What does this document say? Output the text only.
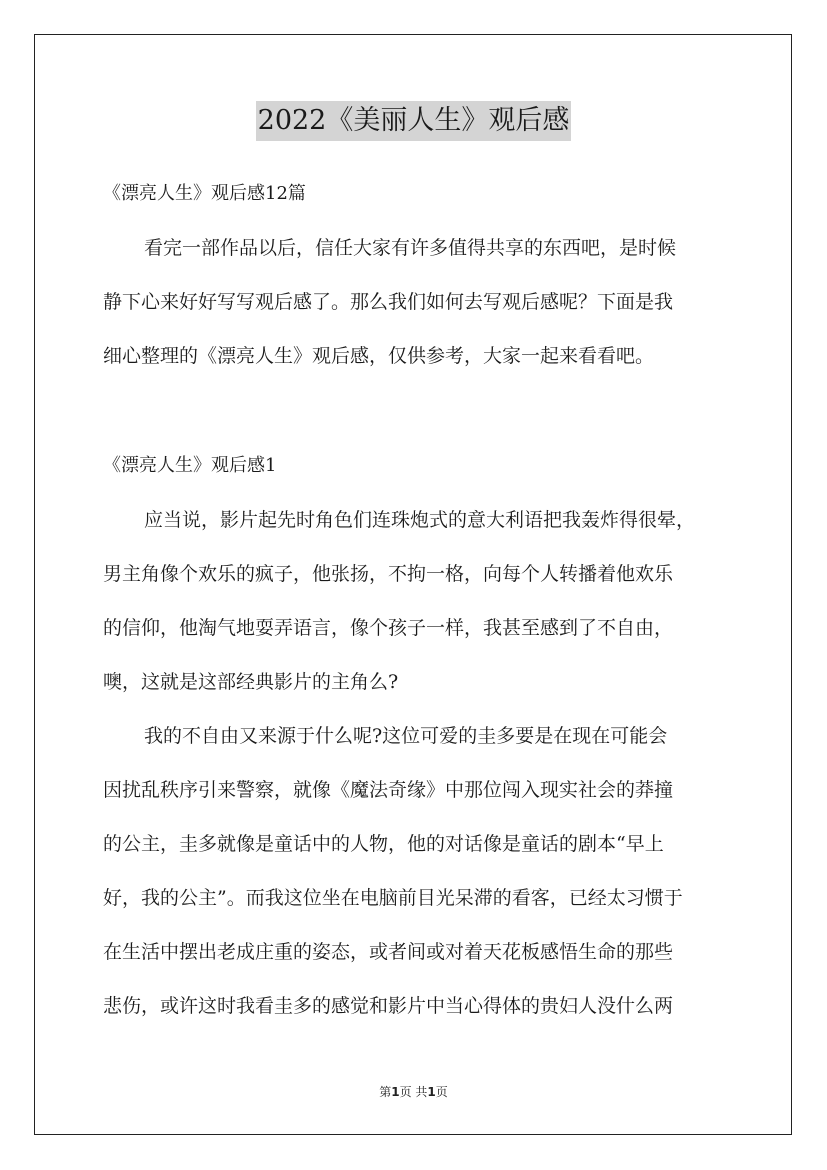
2022《美丽人生》观后感
《漂亮人生》观后感12篇
看完一部作品以后，信任大家有许多值得共享的东西吧，是时候
静下心来好好写写观后感了。那么我们如何去写观后感呢？下面是我
细心整理的《漂亮人生》观后感，仅供参考，大家一起来看看吧。
《漂亮人生》观后感1
应当说，影片起先时角色们连珠炮式的意大利语把我轰炸得很晕，
男主角像个欢乐的疯子，他张扬，不拘一格，向每个人转播着他欢乐
的信仰，他淘气地耍弄语言，像个孩子一样，我甚至感到了不自由，
噢，这就是这部经典影片的主角么?
我的不自由又来源于什么呢?这位可爱的圭多要是在现在可能会
因扰乱秩序引来警察，就像《魔法奇缘》中那位闯入现实社会的莽撞
的公主，圭多就像是童话中的人物，他的对话像是童话的剧本“早上
好，我的公主”。而我这位坐在电脑前目光呆滞的看客，已经太习惯于
在生活中摆出老成庄重的姿态，或者间或对着天花板感悟生命的那些
悲伤，或许这时我看圭多的感觉和影片中当心得体的贵妇人没什么两
第1页 共1页
